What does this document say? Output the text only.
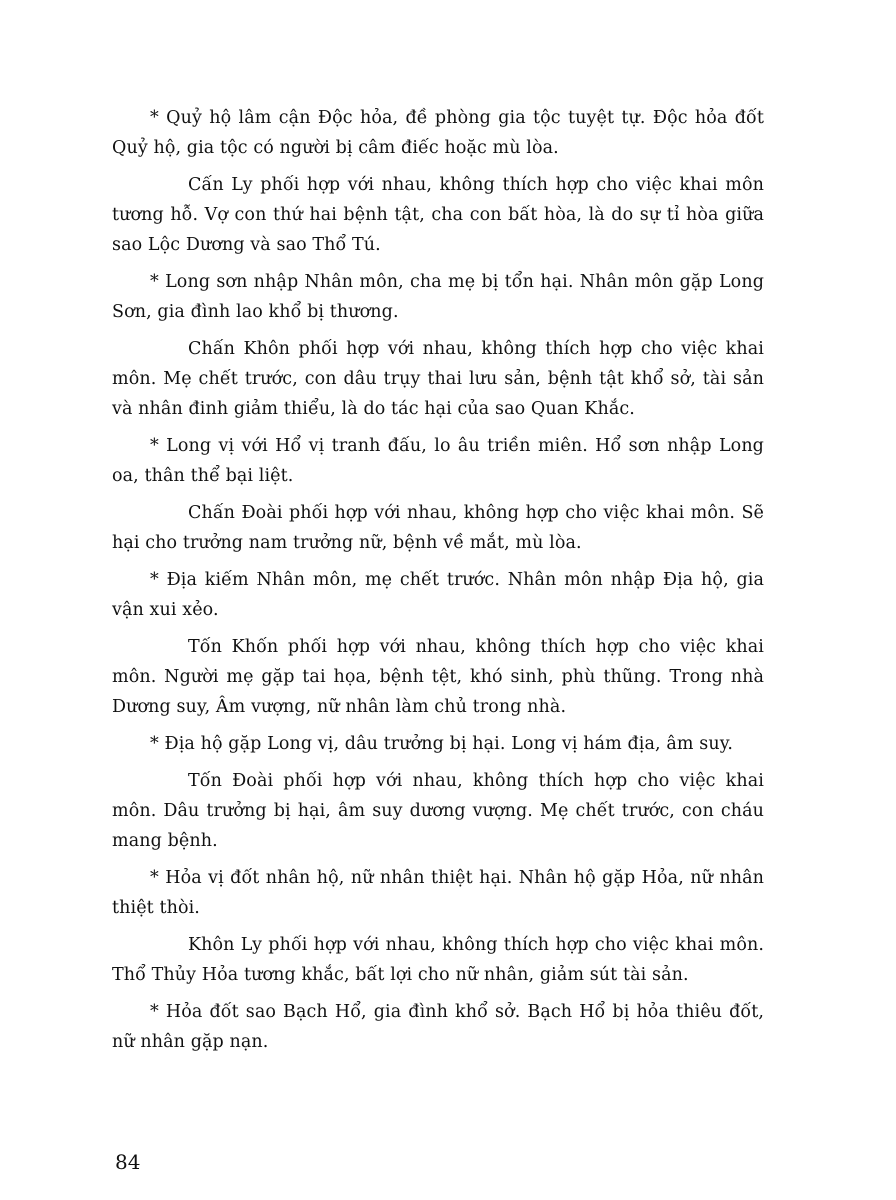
* Quỷ hộ lâm cận Độc hỏa, đề phòng gia tộc tuyệt tự. Độc hỏa đốt Quỷ hộ, gia tộc có người bị câm điếc hoặc mù lòa.

Cấn Ly phối hợp với nhau, không thích hợp cho việc khai môn tương hỗ. Vợ con thứ hai bệnh tật, cha con bất hòa, là do sự tỉ hòa giữa sao Lộc Dương và sao Thổ Tú.

* Long sơn nhập Nhân môn, cha mẹ bị tổn hại. Nhân môn gặp Long Sơn, gia đình lao khổ bị thương.

Chấn Khôn phối hợp với nhau, không thích hợp cho việc khai môn. Mẹ chết trước, con dâu trụy thai lưu sản, bệnh tật khổ sở, tài sản và nhân đinh giảm thiểu, là do tác hại của sao Quan Khắc.

* Long vị với Hổ vị tranh đấu, lo âu triền miên. Hổ sơn nhập Long oa, thân thể bại liệt.

Chấn Đoài phối hợp với nhau, không hợp cho việc khai môn. Sẽ hại cho trưởng nam trưởng nữ, bệnh về mắt, mù lòa.

* Địa kiếm Nhân môn, mẹ chết trước. Nhân môn nhập Địa hộ, gia vận xui xẻo.

Tốn Khốn phối hợp với nhau, không thích hợp cho việc khai môn. Người mẹ gặp tai họa, bệnh tệt, khó sinh, phù thũng. Trong nhà Dương suy, Âm vượng, nữ nhân làm chủ trong nhà.

* Địa hộ gặp Long vị, dâu trưởng bị hại. Long vị hám địa, âm suy.

Tốn Đoài phối hợp với nhau, không thích hợp cho việc khai môn. Dâu trưởng bị hại, âm suy dương vượng. Mẹ chết trước, con cháu mang bệnh.

* Hỏa vị đốt nhân hộ, nữ nhân thiệt hại. Nhân hộ gặp Hỏa, nữ nhân thiệt thòi.

Khôn Ly phối hợp với nhau, không thích hợp cho việc khai môn. Thổ Thủy Hỏa tương khắc, bất lợi cho nữ nhân, giảm sút tài sản.

* Hỏa đốt sao Bạch Hổ, gia đình khổ sở. Bạch Hổ bị hỏa thiêu đốt, nữ nhân gặp nạn.

84
